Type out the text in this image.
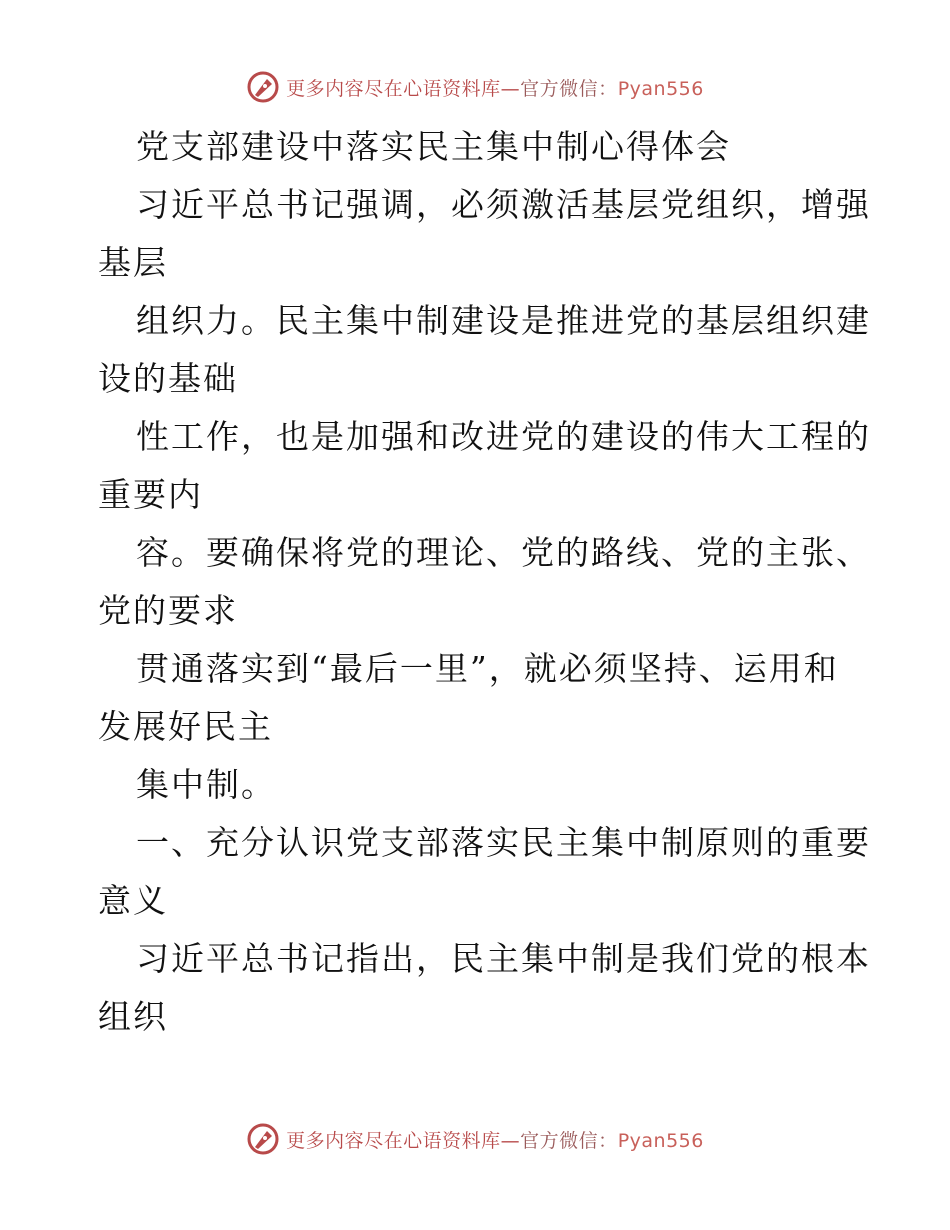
更多内容尽在心语资料库—官方微信：Pyan556
党支部建设中落实民主集中制心得体会
习近平总书记强调，必须激活基层党组织，增强
基层
组织力。民主集中制建设是推进党的基层组织建
设的基础
性工作，也是加强和改进党的建设的伟大工程的
重要内
容。要确保将党的理论、党的路线、党的主张、
党的要求
贯通落实到“最后一里”，就必须坚持、运用和
发展好民主
集中制。
一、充分认识党支部落实民主集中制原则的重要
意义
习近平总书记指出，民主集中制是我们党的根本
组织
更多内容尽在心语资料库—官方微信：Pyan556
